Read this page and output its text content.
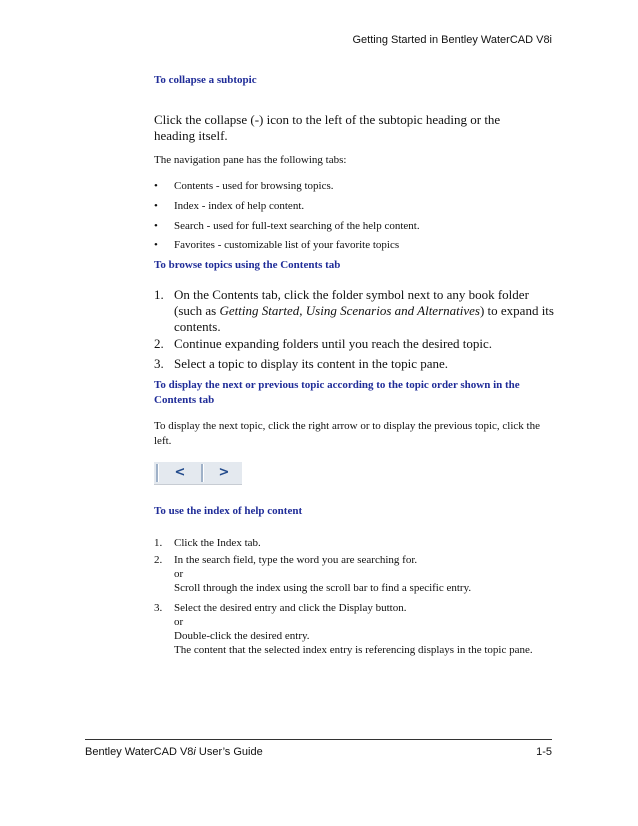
Getting Started in Bentley WaterCAD V8i
To collapse a subtopic
Click the collapse (-) icon to the left of the subtopic heading or the heading itself.
The navigation pane has the following tabs:
• Contents - used for browsing topics.
• Index - index of help content.
• Search - used for full-text searching of the help content.
• Favorites - customizable list of your favorite topics
To browse topics using the Contents tab
1. On the Contents tab, click the folder symbol next to any book folder (such as Getting Started, Using Scenarios and Alternatives) to expand its contents.
2. Continue expanding folders until you reach the desired topic.
3. Select a topic to display its content in the topic pane.
To display the next or previous topic according to the topic order shown in the Contents tab
To display the next topic, click the right arrow or to display the previous topic, click the left.
<	>
To use the index of help content
1. Click the Index tab.
2. In the search field, type the word you are searching for.
or
Scroll through the index using the scroll bar to find a specific entry.
3. Select the desired entry and click the Display button.
or
Double-click the desired entry.
The content that the selected index entry is referencing displays in the topic pane.
Bentley WaterCAD V8i User’s Guide	1-5
